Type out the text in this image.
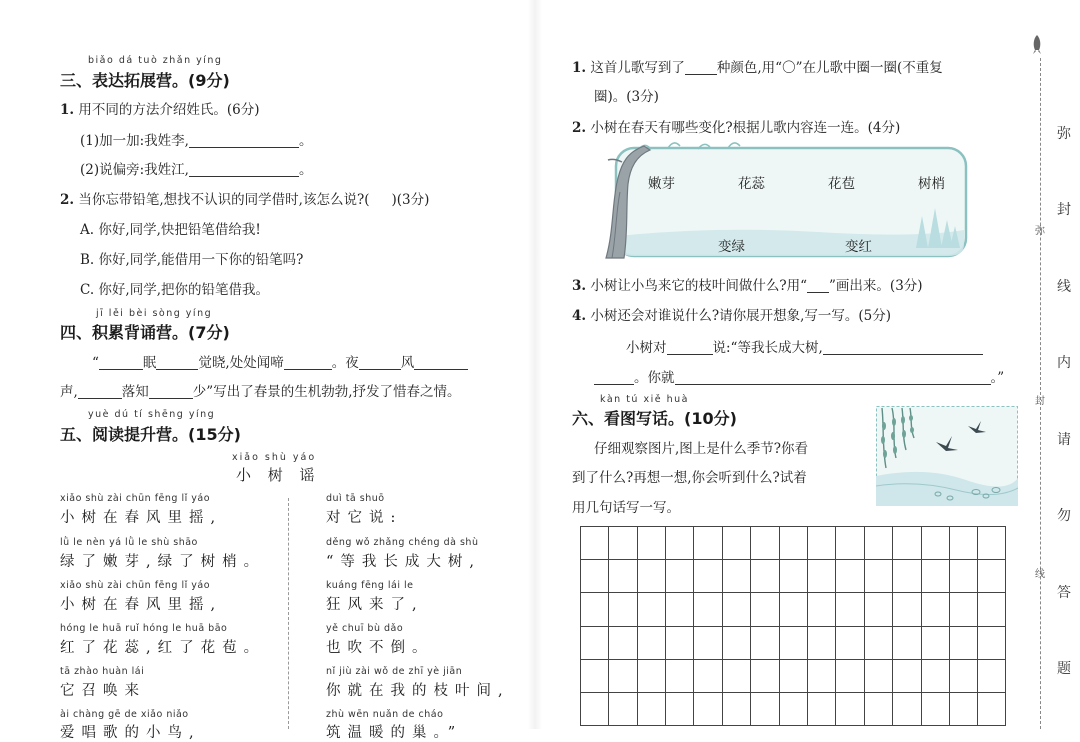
biǎo dá tuò zhǎn yíng
三、表达拓展营。(9分)
1. 用不同的方法介绍姓氏。(6分)
(1)加一加:我姓李,	。
(2)说偏旁:我姓江,	。
2. 当你忘带铅笔,想找不认识的同学借时,该怎么说?( )(3分)
A. 你好,同学,快把铅笔借给我!
B. 你好,同学,能借用一下你的铅笔吗?
C. 你好,同学,把你的铅笔借我。
jī lěi bèi sòng yíng
四、积累背诵营。(7分)
“	眠	觉晓,处处闻啼	。夜	风
声,	落知	少”写出了春景的生机勃勃,抒发了惜春之情。
yuè dú tí shēng yíng
五、阅读提升营。(15分)
xiǎo shù yáo
小 树 谣
xiǎo shù zài chūn fēng lǐ yáo
小树在春风里摇,
lǜ le nèn yá lǜ le shù shāo
绿了嫩芽,绿了树梢。
xiǎo shù zài chūn fēng lǐ yáo
小树在春风里摇,
hóng le huā ruǐ hóng le huā bāo
红了花蕊,红了花苞。
tā zhào huàn lái
它召唤来
ài chàng gē de xiǎo niǎo
爱唱歌的小鸟,
duì tā shuō
对它说:
děng wǒ zhǎng chéng dà shù
“等我长成大树,
kuáng fēng lái le
狂风来了,
yě chuī bù dǎo
也吹不倒。
nǐ jiù zài wǒ de zhī yè jiān
你就在我的枝叶间,
zhù wēn nuǎn de cháo
筑温暖的巢。”
1. 这首儿歌写到了 种颜色,用“〇”在儿歌中圈一圈(不重复
圈)。(3分)
2. 小树在春天有哪些变化?根据儿歌内容连一连。(4分)
嫩芽	花蕊	花苞	树梢
变绿	变红
3. 小树让小鸟来它的枝叶间做什么?用“ ”画出来。(3分)
4. 小树还会对谁说什么?请你展开想象,写一写。(5分)
小树对	说:“等我长成大树,
。你就	。”
kàn tú xiě huà
六、看图写话。(10分)
仔细观察图片,图上是什么季节?你看
到了什么?再想一想,你会听到什么?试着
用几句话写一写。
弥
封
线
弥
封
线
内
请
勿
答
题
